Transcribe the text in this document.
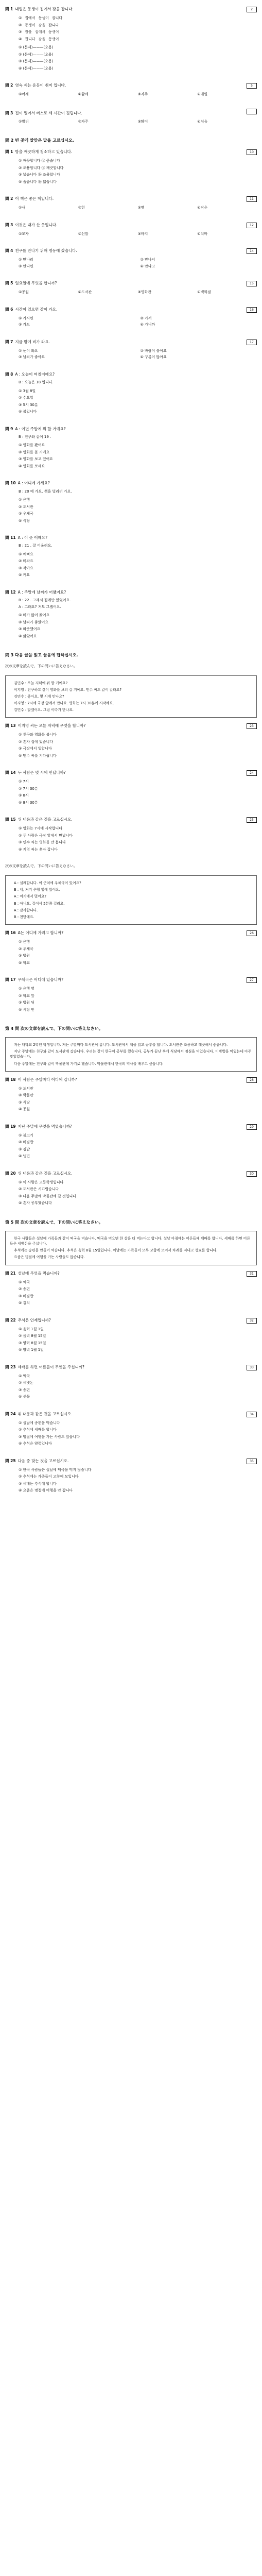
問 1 내일은 동생이 집에서 잠을 잡니다.	2
① 집에서 동생이 잡니다
② 동생이 잠을 잡니다
③ 잠을 집에서 동생이
④ 잡니다 잠을 동생이
① (문제)———(오용)
② (문제)———(오용)
③ (문제)———(오용)
④ (문제)———(오용)
問 2 영숙 씨는 운동이 취미 입니다.	5
①어제	②함께	③자주	④매일
問 3 집이 멀어서 버스로 세 시간이 걸립니다.
①빨리	②자주	③많이	④처음
問 2 빈 곳에 알맞은 말을 고르십시오.
問 1 방을 깨끗하게 청소하고 있습니다.	10
① 깨끗합니다 ⓑ 좋습니다
② 조용합니다 ⓑ 깨끗합니다
③ 넓습니다 ⓑ 조용합니다
④ 좁습니다 ⓑ 넓습니다
問 2 이 책은 좋은 책입니다.	11
①새	②헌	③옛	④작은
問 3 이것은 내가 산 옷입니다.	12
①모자	②신발	③바지	④치마
問 4 친구를 만나기 위해 명동에 갔습니다.	14
① 만나러	② 만나서
③ 만나면	④ 만나고
問 5 일요일에 무엇을 합니까?	15
①공원	②도서관	③영화관	④백화점
問 6 시간이 있으면 같이 가요.	16
① 가시면	② 가서
③ 가도	④ 가니까
問 7 지금 밖에 비가 와요.	17
① 눈이 와요	② 바람이 불어요
③ 날씨가 좋아요	④ 구름이 많아요
問 8 A : 오늘이 며칠이에요?
B : 오늘은 18 입니다.
① 3월 8일
② 수요일
③ 5시 30분
④ 봄입니다
問 9 A : 이번 주말에 뭐 할 거예요?
B : 친구와 같이 19 .
① 영화를 봤어요
② 영화를 볼 거예요
③ 영화를 보고 있어요
④ 영화를 보세요
問 10 A : 어디에 가세요?
B : 20 에 가요. 책을 빌리러 가요.
① 은행
② 도서관
③ 우체국
④ 식당
問 11 A : 이 옷 어때요?
B : 21 . 잘 어울려요.
① 예뻐요
② 비싸요
③ 작아요
④ 커요
問 12 A : 주말에 날씨가 어땠어요?
B : 22 . 그래서 집에만 있었어요.
A : 그래요? 저도 그랬어요.
① 비가 많이 왔어요
② 날씨가 좋았어요
③ 따뜻했어요
④ 맑았어요
問 3 다음 글을 읽고 물음에 답하십시오.
次の文章を読んで、下の問いに答えなさい。

김민수 : 오늘 저녁에 뭐 할 거예요?

이지영 : 친구하고 같이 영화를 보러 갈 거예요. 민수 씨도 같이 갈래요?

김민수 : 좋아요. 몇 시에 만나요?

이지영 : 7시에 극장 앞에서 만나요. 영화는 7시 30분에 시작해요.

김민수 : 알겠어요. 그럼 이따가 만나요.

問 13 이지영 씨는 오늘 저녁에 무엇을 합니까?	23
① 친구와 영화를 봅니다
② 혼자 집에 있습니다
③ 극장에서 일합니다
④ 민수 씨를 기다립니다
問 14 두 사람은 몇 시에 만납니까?	24
① 7시
② 7시 30분
③ 8시
④ 8시 30분
問 15 위 내용과 같은 것을 고르십시오.	25
① 영화는 7시에 시작합니다
② 두 사람은 극장 앞에서 만납니다
③ 민수 씨는 영화를 안 봅니다
④ 지영 씨는 혼자 갑니다
次の文章を読んで、下の問いに答えなさい。

A : 실례합니다. 이 근처에 우체국이 있어요?

B : 네, 저기 은행 옆에 있어요.

A : 여기에서 멀어요?

B : 아니요, 걸어서 5분쯤 걸려요.

A : 감사합니다.

B : 천만에요.

問 16 A는 어디에 가려고 합니까?	26
① 은행
② 우체국
③ 병원
④ 학교
問 17 우체국은 어디에 있습니까?	27
① 은행 옆
② 학교 앞
③ 병원 뒤
④ 시장 안
第 4 問 次の文章を読んで、下の問いに答えなさい。

저는 대학교 2학년 학생입니다. 저는 주말마다 도서관에 갑니다. 도서관에서 책을 읽고 공부를 합니다. 도서관은 조용하고 깨끗해서 좋습니다.

지난 주말에는 친구와 같이 도서관에 갔습니다. 우리는 같이 한국어 공부를 했습니다. 공부가 끝난 후에 식당에서 점심을 먹었습니다. 비빔밥을 먹었는데 아주 맛있었습니다.

다음 주말에는 친구와 같이 박물관에 가기로 했습니다. 박물관에서 한국의 역사를 배우고 싶습니다.

問 18 이 사람은 주말마다 어디에 갑니까?	28
① 도서관
② 박물관
③ 식당
④ 공원
問 19 지난 주말에 무엇을 먹었습니까?	29
① 불고기
② 비빔밥
③ 김밥
④ 냉면
問 20 위 내용과 같은 것을 고르십시오.	30
① 이 사람은 고등학생입니다
② 도서관은 시끄럽습니다
③ 다음 주말에 박물관에 갈 것입니다
④ 혼자 공부했습니다
第 5 問 次の文章を読んで、下の問いに答えなさい。

한국 사람들은 설날에 가족들과 같이 떡국을 먹습니다. 떡국을 먹으면 한 살을 더 먹는다고 합니다. 설날 아침에는 어른들께 세배를 합니다. 세배를 하면 어른들은 세뱃돈을 주십니다.

추석에는 송편을 만들어 먹습니다. 추석은 음력 8월 15일입니다. 이날에는 가족들이 모두 고향에 모여서 차례를 지내고 성묘를 합니다.

요즘은 명절에 여행을 가는 사람들도 많습니다.

問 21 설날에 무엇을 먹습니까?	31
① 떡국
② 송편
③ 비빔밥
④ 김치
問 22 추석은 언제입니까?	32
① 음력 1월 1일
② 음력 8월 15일
③ 양력 8월 15일
④ 양력 1월 1일
問 23 세배를 하면 어른들이 무엇을 주십니까?	33
① 떡국
② 세뱃돈
③ 송편
④ 선물
問 24 위 내용과 같은 것을 고르십시오.	34
① 설날에 송편을 먹습니다
② 추석에 세배를 합니다
③ 명절에 여행을 가는 사람도 있습니다
④ 추석은 양력입니다
問 25 다음 중 맞는 것을 고르십시오.	35
① 한국 사람들은 설날에 떡국을 먹지 않습니다
② 추석에는 가족들이 고향에 모입니다
③ 세배는 추석에 합니다
④ 요즘은 명절에 여행을 안 갑니다
